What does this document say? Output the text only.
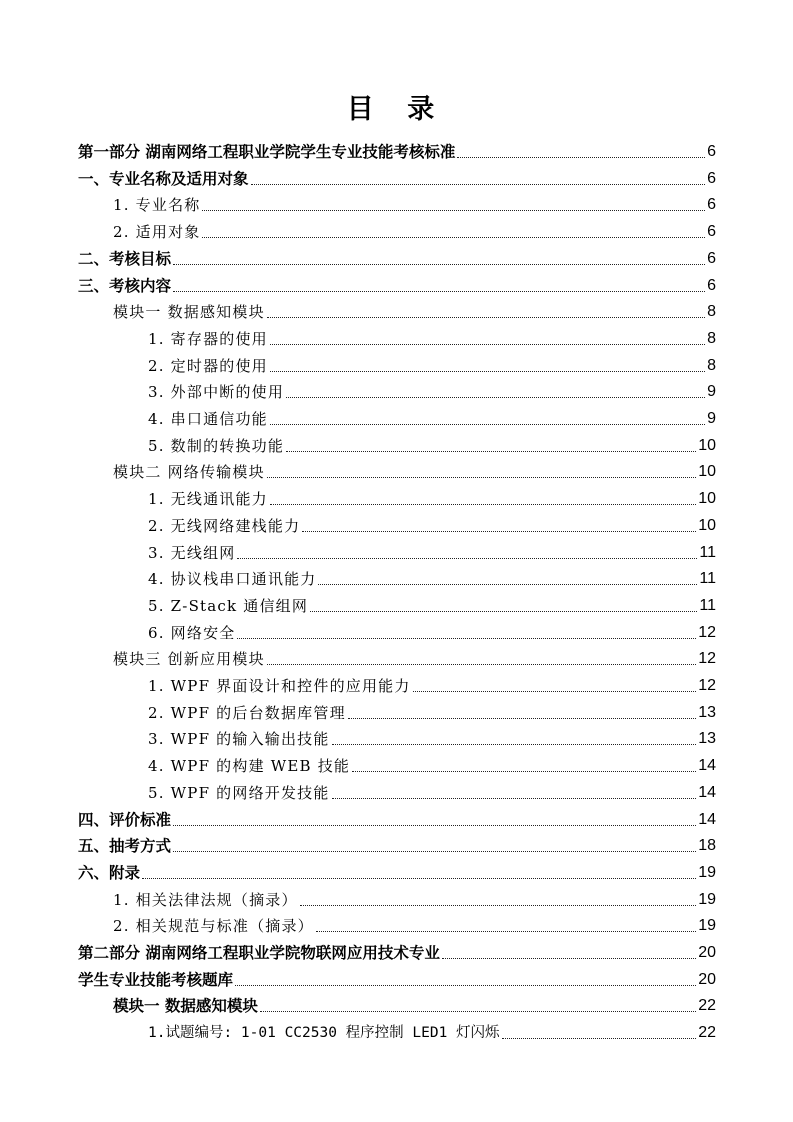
目 录
第一部分 湖南网络工程职业学院学生专业技能考核标准	6
一、专业名称及适用对象	6
1. 专业名称	6
2. 适用对象	6
二、考核目标	6
三、考核内容	6
模块一 数据感知模块	8
1. 寄存器的使用	8
2. 定时器的使用	8
3. 外部中断的使用	9
4. 串口通信功能	9
5. 数制的转换功能	10
模块二 网络传输模块	10
1. 无线通讯能力	10
2. 无线网络建栈能力	10
3. 无线组网	11
4. 协议栈串口通讯能力	11
5. Z-Stack 通信组网	11
6. 网络安全	12
模块三 创新应用模块	12
1. WPF 界面设计和控件的应用能力	12
2. WPF 的后台数据库管理	13
3. WPF 的输入输出技能	13
4. WPF 的构建 WEB 技能	14
5. WPF 的网络开发技能	14
四、评价标准	14
五、抽考方式	18
六、附录	19
1. 相关法律法规（摘录）	19
2. 相关规范与标准（摘录）	19
第二部分 湖南网络工程职业学院物联网应用技术专业	20
学生专业技能考核题库	20
模块一 数据感知模块	22
1.试题编号: 1-01 CC2530 程序控制 LED1 灯闪烁	22
